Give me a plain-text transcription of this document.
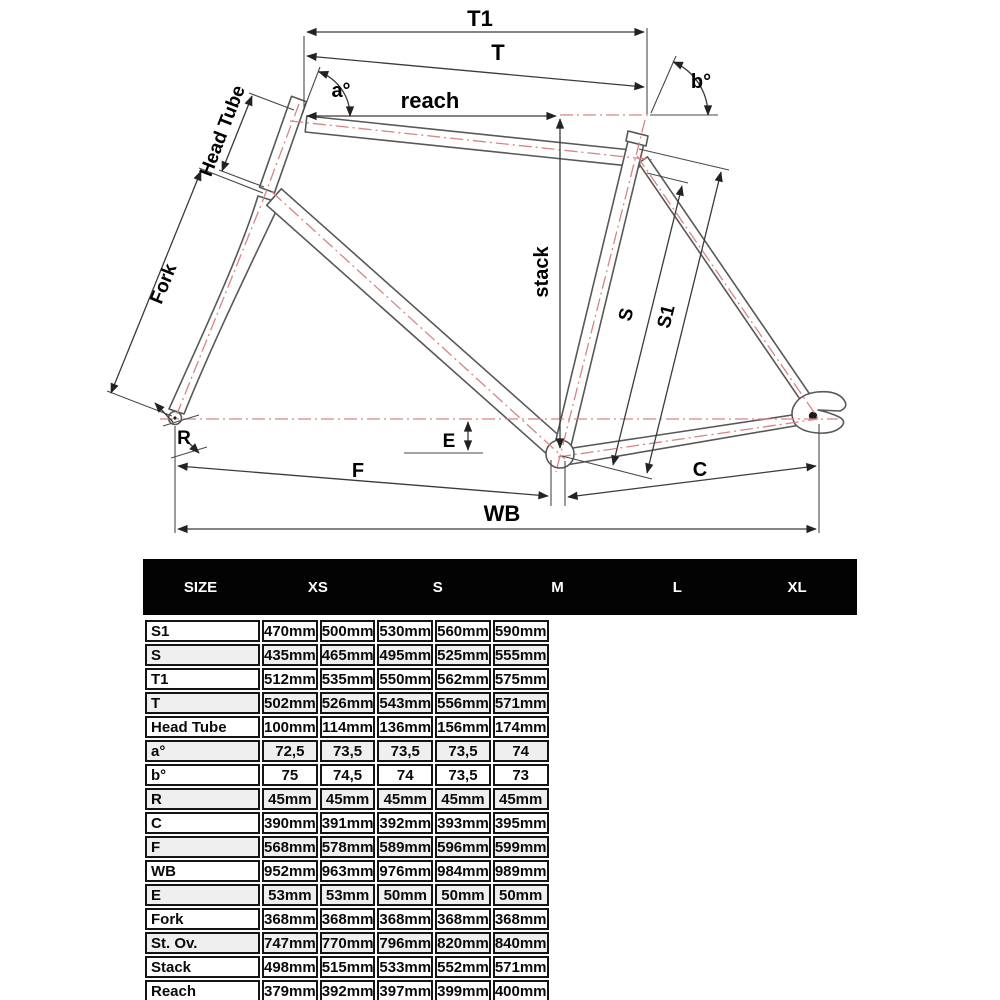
T1
T
reach
stack
a°	b°
Head Tube
Fork
S S1
R	E
F	C
WB
SIZE	XS	S	M	L	XL
S1	470mm	500mm	530mm	560mm	590mm
S	435mm	465mm	495mm	525mm	555mm
T1	512mm	535mm	550mm	562mm	575mm
T	502mm	526mm	543mm	556mm	571mm
Head Tube	100mm	114mm	136mm	156mm	174mm
a°	72,5	73,5	73,5	73,5	74
b°	75	74,5	74	73,5	73
R	45mm	45mm	45mm	45mm	45mm
C	390mm	391mm	392mm	393mm	395mm
F	568mm	578mm	589mm	596mm	599mm
WB	952mm	963mm	976mm	984mm	989mm
E	53mm	53mm	50mm	50mm	50mm
Fork	368mm	368mm	368mm	368mm	368mm
St. Ov.	747mm	770mm	796mm	820mm	840mm
Stack	498mm	515mm	533mm	552mm	571mm
Reach	379mm	392mm	397mm	399mm	400mm
